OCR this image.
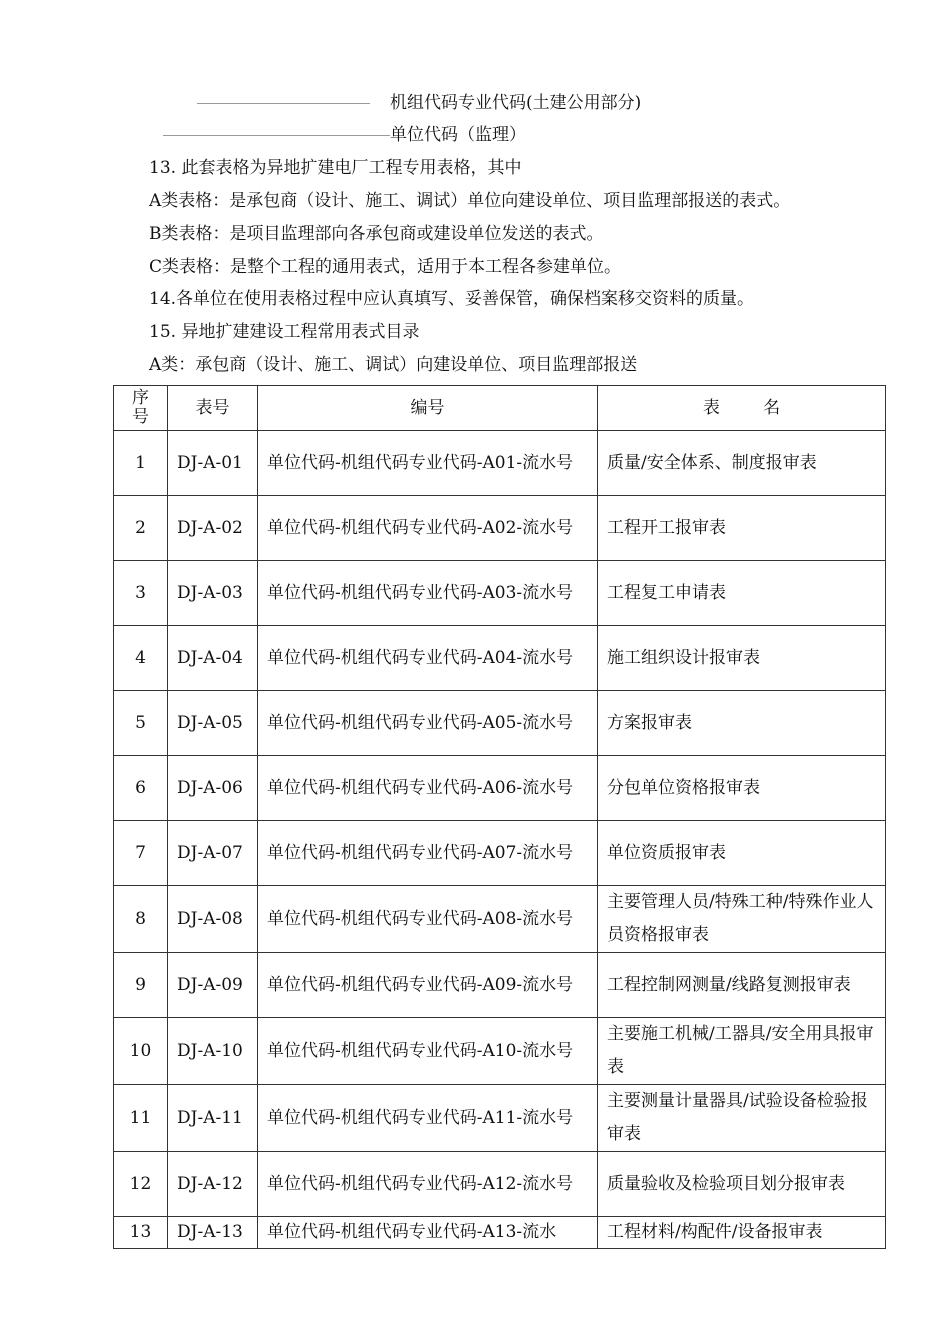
机组代码专业代码(土建公用部分)
单位代码（监理）
13. 此套表格为异地扩建电厂工程专用表格，其中
A类表格：是承包商（设计、施工、调试）单位向建设单位、项目监理部报送的表式。
B类表格：是项目监理部向各承包商或建设单位发送的表式。
C类表格：是整个工程的通用表式，适用于本工程各参建单位。
14.各单位在使用表格过程中应认真填写、妥善保管，确保档案移交资料的质量。
15. 异地扩建建设工程常用表式目录
A类：承包商（设计、施工、调试）向建设单位、项目监理部报送
序号	表号	编号	表        名
1	DJ-A-01	单位代码-机组代码专业代码-A01-流水号	质量/安全体系、制度报审表
2	DJ-A-02	单位代码-机组代码专业代码-A02-流水号	工程开工报审表
3	DJ-A-03	单位代码-机组代码专业代码-A03-流水号	工程复工申请表
4	DJ-A-04	单位代码-机组代码专业代码-A04-流水号	施工组织设计报审表
5	DJ-A-05	单位代码-机组代码专业代码-A05-流水号	方案报审表
6	DJ-A-06	单位代码-机组代码专业代码-A06-流水号	分包单位资格报审表
7	DJ-A-07	单位代码-机组代码专业代码-A07-流水号	单位资质报审表
8	DJ-A-08	单位代码-机组代码专业代码-A08-流水号	主要管理人员/特殊工种/特殊作业人员资格报审表
9	DJ-A-09	单位代码-机组代码专业代码-A09-流水号	工程控制网测量/线路复测报审表
10	DJ-A-10	单位代码-机组代码专业代码-A10-流水号	主要施工机械/工器具/安全用具报审表
11	DJ-A-11	单位代码-机组代码专业代码-A11-流水号	主要测量计量器具/试验设备检验报审表
12	DJ-A-12	单位代码-机组代码专业代码-A12-流水号	质量验收及检验项目划分报审表
13	DJ-A-13	单位代码-机组代码专业代码-A13-流水	工程材料/构配件/设备报审表
